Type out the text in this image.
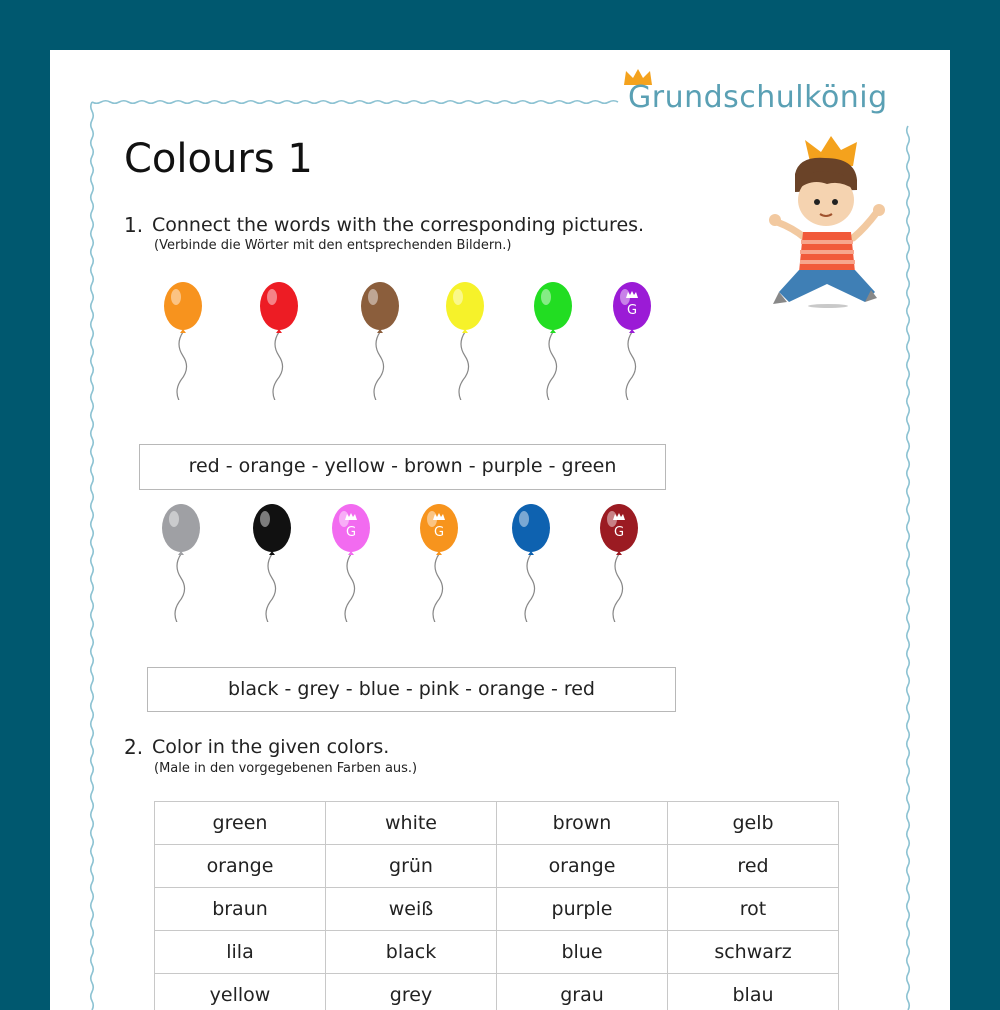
Grundschulkönig
Colours 1
1. Connect the words with the corresponding pictures.
(Verbinde die Wörter mit den entsprechenden Bildern.)
G
red - orange - yellow - brown - purple - green
G	G	G
black - grey - blue - pink - orange - red
2. Color in the given colors.
(Male in den vorgegebenen Farben aus.)
green	white	brown	gelb
orange	grün	orange	red
braun	weiß	purple	rot
lila	black	blue	schwarz
yellow	grey	grau	blau
